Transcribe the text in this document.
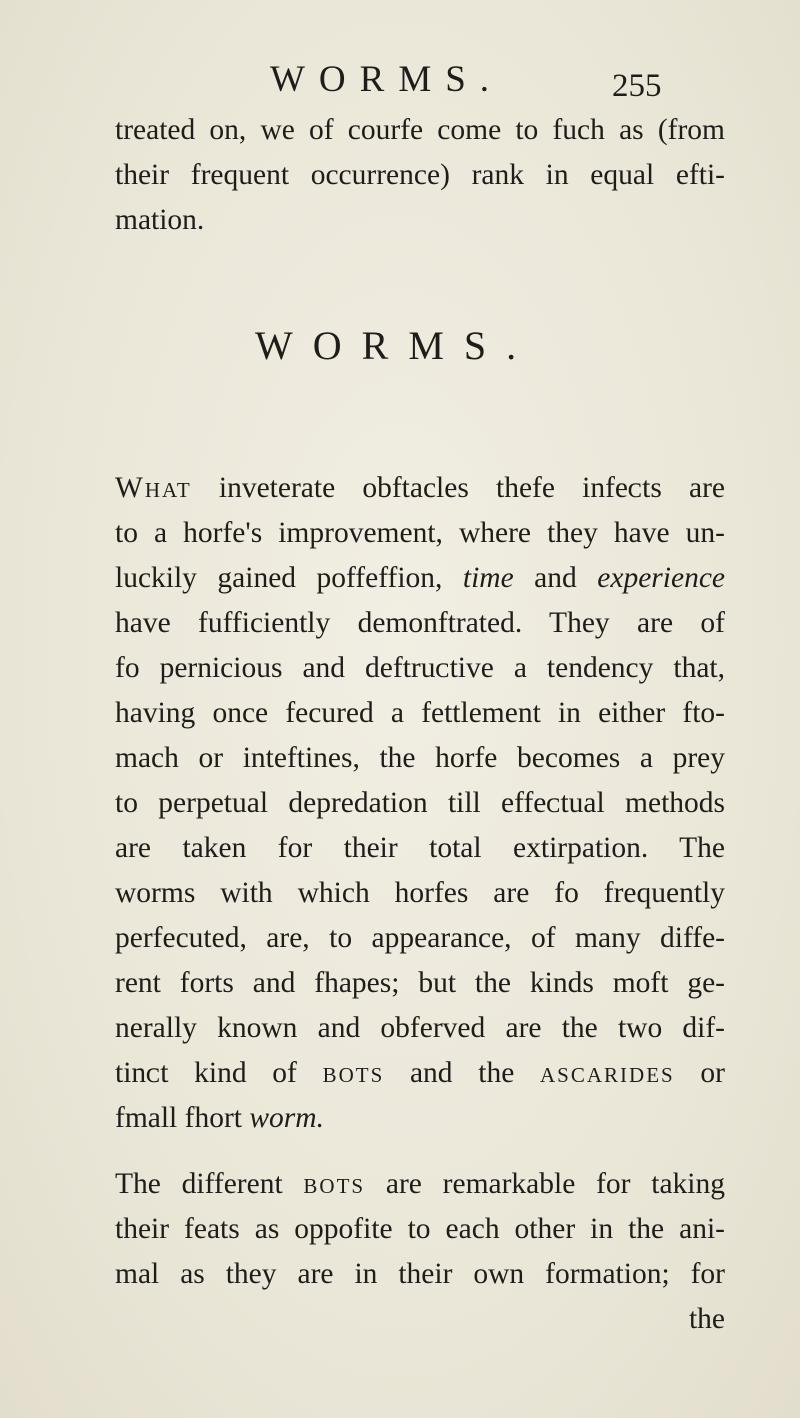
WORMS.	255
treated on, we of courfe come to fuch as (from
their frequent occurrence) rank in equal efti-
mation.
WORMS.
What inveterate obftacles thefe infeᴄts are
to a horfe's improvement, where they have un-
luckily gained poffeffion, time and experience
have fufficiently demonftrated. They are of
fo pernicious and deftruᴄtive a tendency that,
having once fecured a fettlement in either fto-
mach or inteftines, the horfe becomes a prey
to perpetual depredation till effeᴄtual methods
are taken for their total extirpation. The
worms with which horfes are fo frequently
perfecuted, are, to appearance, of many diffe-
rent forts and fhapes; but the kinds moft ge-
nerally known and obferved are the two dif-
tinᴄt kind of bots and the ascarides or
fmall fhort worm.
The different bots are remarkable for taking
their feats as oppofite to each other in the ani-
mal as they are in their own formation; for
the
